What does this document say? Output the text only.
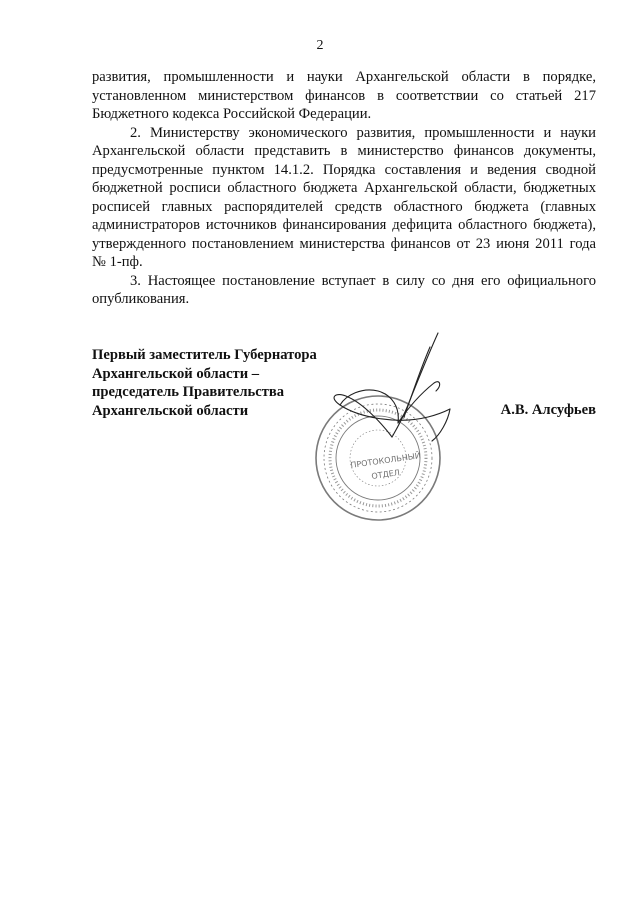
2

развития, промышленности и науки Архангельской области в порядке, установленном министерством финансов в соответствии со статьей 217 Бюджетного кодекса Российской Федерации.

2. Министерству экономического развития, промышленности и науки Архангельской области представить в министерство финансов документы, предусмотренные пунктом 14.1.2. Порядка составления и ведения сводной бюджетной росписи областного бюджета Архангельской области, бюджетных росписей главных распорядителей средств областного бюджета (главных администраторов источников финансирования дефицита областного бюджета), утвержденного постановлением министерства финансов от 23 июня 2011 года № 1-пф.

3. Настоящее постановление вступает в силу со дня его официального опубликования.

Первый заместитель Губернатора
Архангельской области –
председатель Правительства
Архангельской области	А.В. Алсуфьев
ПРОТОКОЛЬНЫЙ
ОТДЕЛ
